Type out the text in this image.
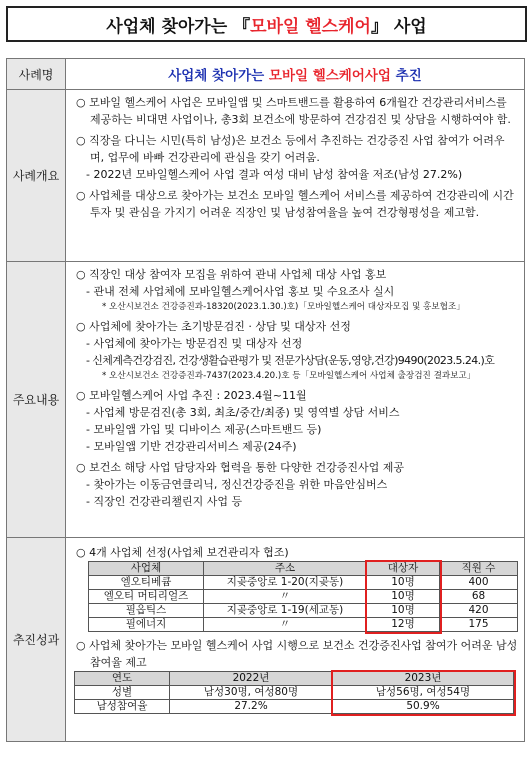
사업체 찾아가는 『 모바일 헬스케어 』 사업
사례명	사업체 찾아가는 모바일 헬스케어사업 추진
사례개요	

○ 모바일 헬스케어 사업은 모바일앱 및 스마트밴드를 활용하여 6개월간 건강관리서비스를 제공하는 비대면 사업이나, 총3회 보건소에 방문하여 건강검진 및 상담을 시행하여야 함.

○ 직장을 다니는 시민(특히 남성)은 보건소 등에서 추진하는 건강증진 사업 참여가 어려우며, 업무에 바빠 건강관리에 관심을 갖기 어려움.

- 2022년 모바일헬스케어 사업 결과 여성 대비 남성 참여율 저조(남성 27.2%)

○ 사업체를 대상으로 찾아가는 보건소 모바일 헬스케어 서비스를 제공하여 건강관리에 시간 투자 및 관심을 가지기 어려운 직장인 및 남성참여율을 높여 건강형평성을 제고함.

주요내용	

○ 직장인 대상 참여자 모집을 위하여 관내 사업체 대상 사업 홍보

- 관내 전체 사업체에 모바일헬스케어사업 홍보 및 수요조사 실시

* 오산시보건소 건강증진과-18320(2023.1.30.)호)「모바일헬스케어 대상자모집 및 홍보협조」

○ 사업체에 찾아가는 초기방문검진 · 상담 및 대상자 선정

- 사업체에 찾아가는 방문검진 및 대상자 선정

- 신체계측건강검진, 건강생활습관평가 및 전문가상담(운동,영양,건강)9490(2023.5.24.)호

* 오산시보건소 건강증진과-7437(2023.4.20.)호 등「모바일헬스케어 사업체 출장검진 결과보고」

○ 모바일헬스케어 사업 추진 : 2023.4월~11월

- 사업체 방문검진(총 3회, 최초/중간/최종) 및 영역별 상담 서비스

- 모바일앱 가입 및 디바이스 제공(스마트밴드 등)

- 모바일앱 기반 건강관리서비스 제공(24주)

○ 보건소 해당 사업 담당자와 협력을 통한 다양한 건강증진사업 제공

- 찾아가는 이동금연클리닉, 정신건강증진을 위한 마음안심버스

- 직장인 건강관리챌린지 사업 등

추진성과	

○ 4개 사업체 선정(사업체 보건관리자 협조)

사업체	주소	대상자	직원 수
엘오티베큠	지곶중앙로 1-20(지곶동)	10명	400
엘오티 머티리얼즈	〃	10명	68
필옵틱스	지곶중앙로 1-19(세교동)	10명	420
필에너지	〃	12명	175

○ 사업체 찾아가는 모바일 헬스케어 사업 시행으로 보건소 건강증진사업 참여가 어려운 남성 참여율 제고

연도	2022년	2023년
성별	남성30명, 여성80명	남성56명, 여성54명
남성참여율	27.2%	50.9%
